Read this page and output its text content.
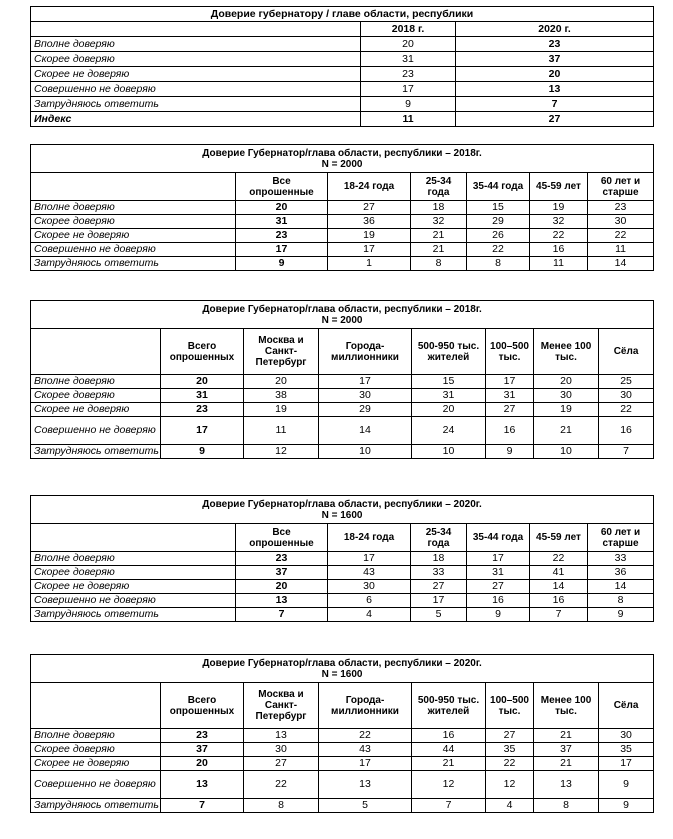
Доверие губернатору / главе области, республики		
	2018 г.	2020 г.
Вполне доверяю	20	23
Скорее доверяю	31	37
Скорее не доверяю	23	20
Совершенно не доверяю	17	13
Затрудняюсь ответить	9	7
Индекс	11	27
Доверие Губернатор/глава области, республики – 2018г.
N = 2000						

	Все опрошенные	18-24 года	25-34 года	35-44 года	45-59 лет	60 лет и старше
Вполне доверяю	20	27	18	15	19	23
Скорее доверяю	31	36	32	29	32	30
Скорее не доверяю	23	19	21	26	22	22
Совершенно не доверяю	17	17	21	22	16	11
Затрудняюсь ответить	9	1	8	8	11	14
Доверие Губернатор/глава области, республики – 2018г.
N = 2000							

	Всего опрошенных	Москва и Санкт-Петербург	Города-миллионники	500-950 тыс. жителей	100–500 тыс.	Менее 100 тыс.	Сёла
Вполне доверяю	20	20	17	15	17	20	25
Скорее доверяю	31	38	30	31	31	30	30
Скорее не доверяю	23	19	29	20	27	19	22
Совершенно не доверяю	17	11	14	24	16	21	16
Затрудняюсь ответить	9	12	10	10	9	10	7
Доверие Губернатор/глава области, республики – 2020г.
N = 1600						

	Все опрошенные	18-24 года	25-34 года	35-44 года	45-59 лет	60 лет и старше
Вполне доверяю	23	17	18	17	22	33
Скорее доверяю	37	43	33	31	41	36
Скорее не доверяю	20	30	27	27	14	14
Совершенно не доверяю	13	6	17	16	16	8
Затрудняюсь ответить	7	4	5	9	7	9
Доверие Губернатор/глава области, республики – 2020г.
N = 1600							

	Всего опрошенных	Москва и Санкт-Петербург	Города-миллионники	500-950 тыс. жителей	100–500 тыс.	Менее 100 тыс.	Сёла
Вполне доверяю	23	13	22	16	27	21	30
Скорее доверяю	37	30	43	44	35	37	35
Скорее не доверяю	20	27	17	21	22	21	17
Совершенно не доверяю	13	22	13	12	12	13	9
Затрудняюсь ответить	7	8	5	7	4	8	9
